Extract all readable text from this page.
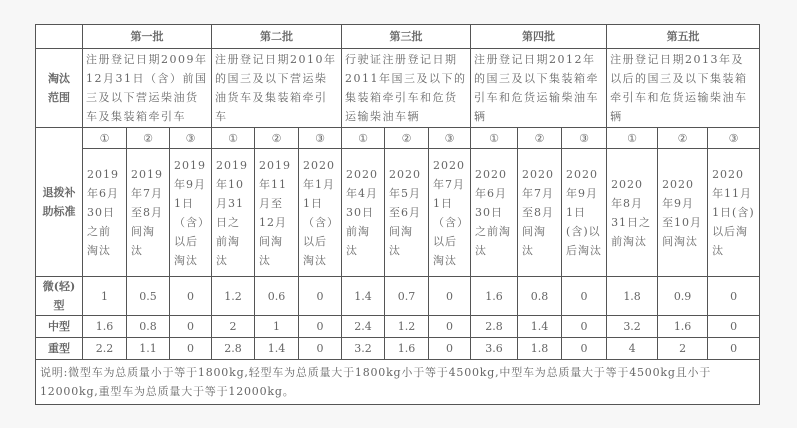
	第一批			第二批			第三批			第四批			第五批		
淘汰范围	注册登记日期2009年12月31日（含）前国三及以下营运柴油货车及集装箱牵引车			注册登记日期2010年的国三及以下营运柴油货车及集装箱牵引车			行驶证注册登记日期2011年国三及以下的集装箱牵引车和危货运输柴油车辆			注册登记日期2012年的国三及以下集装箱牵引车和危货运输柴油车辆			注册登记日期2013年及以后的国三及以下集装箱牵引车和危货运输柴油车辆		
退拨补助标准	①	②	③	①	②	③	①	②	③	①	②	③	①	②	③
	2019年6月30日之前淘汰	2019年7月至8月间淘汰	2019年9月1日（含）以后淘汰	2019年10月31日之前淘汰	2019年11月至12月间淘汰	2020年1月1日（含）以后淘汰	2020年4月30日前淘汰	2020年5月至6月间淘汰	2020年7月1日（含）以后淘汰	2020年6月30日之前淘汰	2020年7月至8月间淘汰	2020年9月1日(含)以后淘汰	2020年8月31日之前淘汰	2020年9月至10月间淘汰	2020年11月1日(含)以后淘汰
微(轻)型	1	0.5	0	1.2	0.6	0	1.4	0.7	0	1.6	0.8	0	1.8	0.9	0
中型	1.6	0.8	0	2	1	0	2.4	1.2	0	2.8	1.4	0	3.2	1.6	0
重型	2.2	1.1	0	2.8	1.4	0	3.2	1.6	0	3.6	1.8	0	4	2	0
说明:微型车为总质量小于等于1800kg,轻型车为总质量大于1800kg小于等于4500kg,中型车为总质量大于等于4500kg且小于12000kg,重型车为总质量大于等于12000kg。															
